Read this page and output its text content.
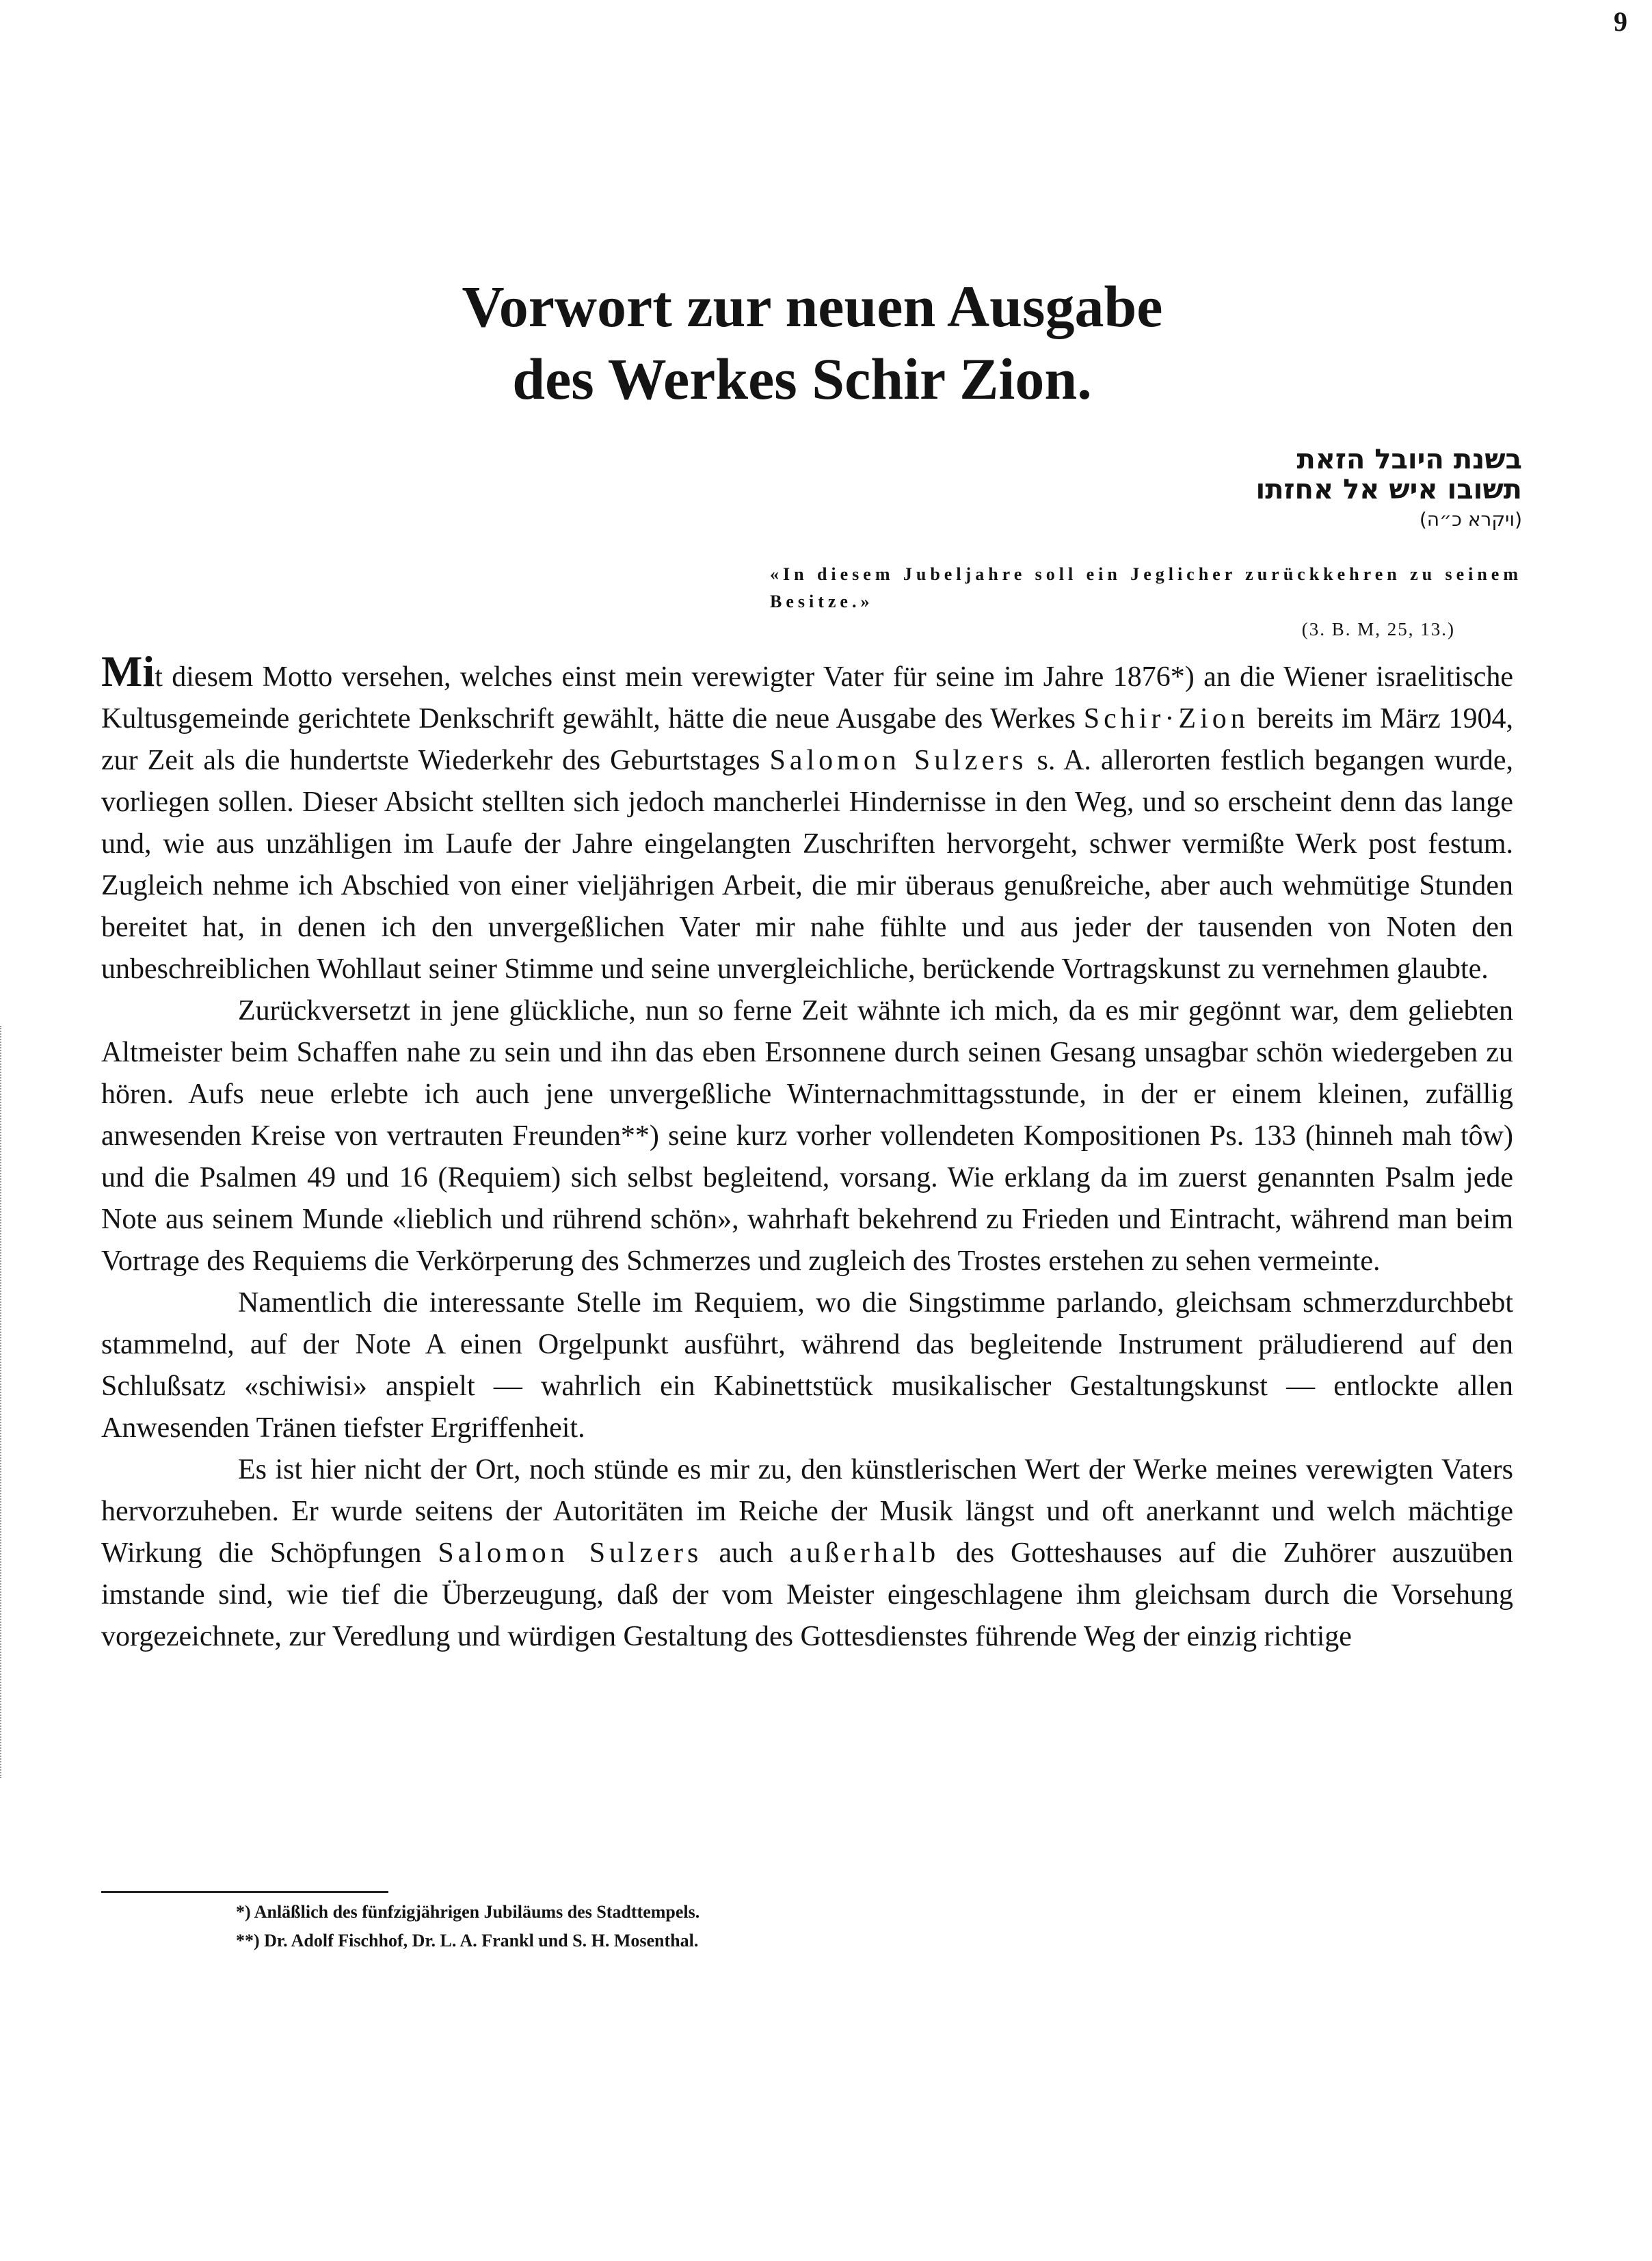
9
Vorwort zur neuen Ausgabe
des Werkes Schir Zion.
בשנת היובל הזאת
תשובו איש אל אחזתו
(ויקרא כ״ה)
«In diesem Jubeljahre soll ein Jeglicher zurückkehren zu seinem Besitze.»
(3. B. M, 25, 13.)

Mit diesem Motto versehen, welches einst mein verewigter Vater für seine im Jahre 1876*) an die Wiener israelitische Kultusgemeinde gerichtete Denkschrift gewählt, hätte die neue Ausgabe des Werkes Schir·Zion bereits im März 1904, zur Zeit als die hundertste Wiederkehr des Geburtstages Salomon Sulzers s. A. allerorten festlich begangen wurde, vorliegen sollen. Dieser Absicht stellten sich jedoch mancherlei Hindernisse in den Weg, und so erscheint denn das lange und, wie aus unzähligen im Laufe der Jahre eingelangten Zuschriften hervorgeht, schwer vermißte Werk post festum. Zugleich nehme ich Abschied von einer vieljährigen Arbeit, die mir überaus genußreiche, aber auch wehmütige Stunden bereitet hat, in denen ich den unvergeßlichen Vater mir nahe fühlte und aus jeder der tausenden von Noten den unbeschreiblichen Wohllaut seiner Stimme und seine unvergleichliche, berückende Vortragskunst zu vernehmen glaubte.

Zurückversetzt in jene glückliche, nun so ferne Zeit wähnte ich mich, da es mir gegönnt war, dem geliebten Altmeister beim Schaffen nahe zu sein und ihn das eben Ersonnene durch seinen Gesang unsagbar schön wiedergeben zu hören. Aufs neue erlebte ich auch jene unvergeßliche Winternachmittagsstunde, in der er einem kleinen, zufällig anwesenden Kreise von vertrauten Freunden**) seine kurz vorher vollendeten Kompositionen Ps. 133 (hinneh mah tôw) und die Psalmen 49 und 16 (Requiem) sich selbst begleitend, vorsang. Wie erklang da im zuerst genannten Psalm jede Note aus seinem Munde «lieblich und rührend schön», wahrhaft bekehrend zu Frieden und Eintracht, während man beim Vortrage des Requiems die Verkörperung des Schmerzes und zugleich des Trostes erstehen zu sehen vermeinte.

Namentlich die interessante Stelle im Requiem, wo die Singstimme parlando, gleichsam schmerzdurchbebt stammelnd, auf der Note A einen Orgelpunkt ausführt, während das begleitende Instrument präludierend auf den Schlußsatz «schiwisi» anspielt — wahrlich ein Kabinettstück musikalischer Gestaltungskunst — entlockte allen Anwesenden Tränen tiefster Ergriffenheit.

Es ist hier nicht der Ort, noch stünde es mir zu, den künstlerischen Wert der Werke meines verewigten Vaters hervorzuheben. Er wurde seitens der Autoritäten im Reiche der Musik längst und oft anerkannt und welch mächtige Wirkung die Schöpfungen Salomon Sulzers auch außerhalb des Gotteshauses auf die Zuhörer auszuüben imstande sind, wie tief die Überzeugung, daß der vom Meister eingeschlagene ihm gleichsam durch die Vorsehung vorgezeichnete, zur Veredlung und würdigen Gestaltung des Gottesdienstes führende Weg der einzig richtige

*) Anläßlich des fünfzigjährigen Jubiläums des Stadttempels.
**) Dr. Adolf Fischhof, Dr. L. A. Frankl und S. H. Mosenthal.
